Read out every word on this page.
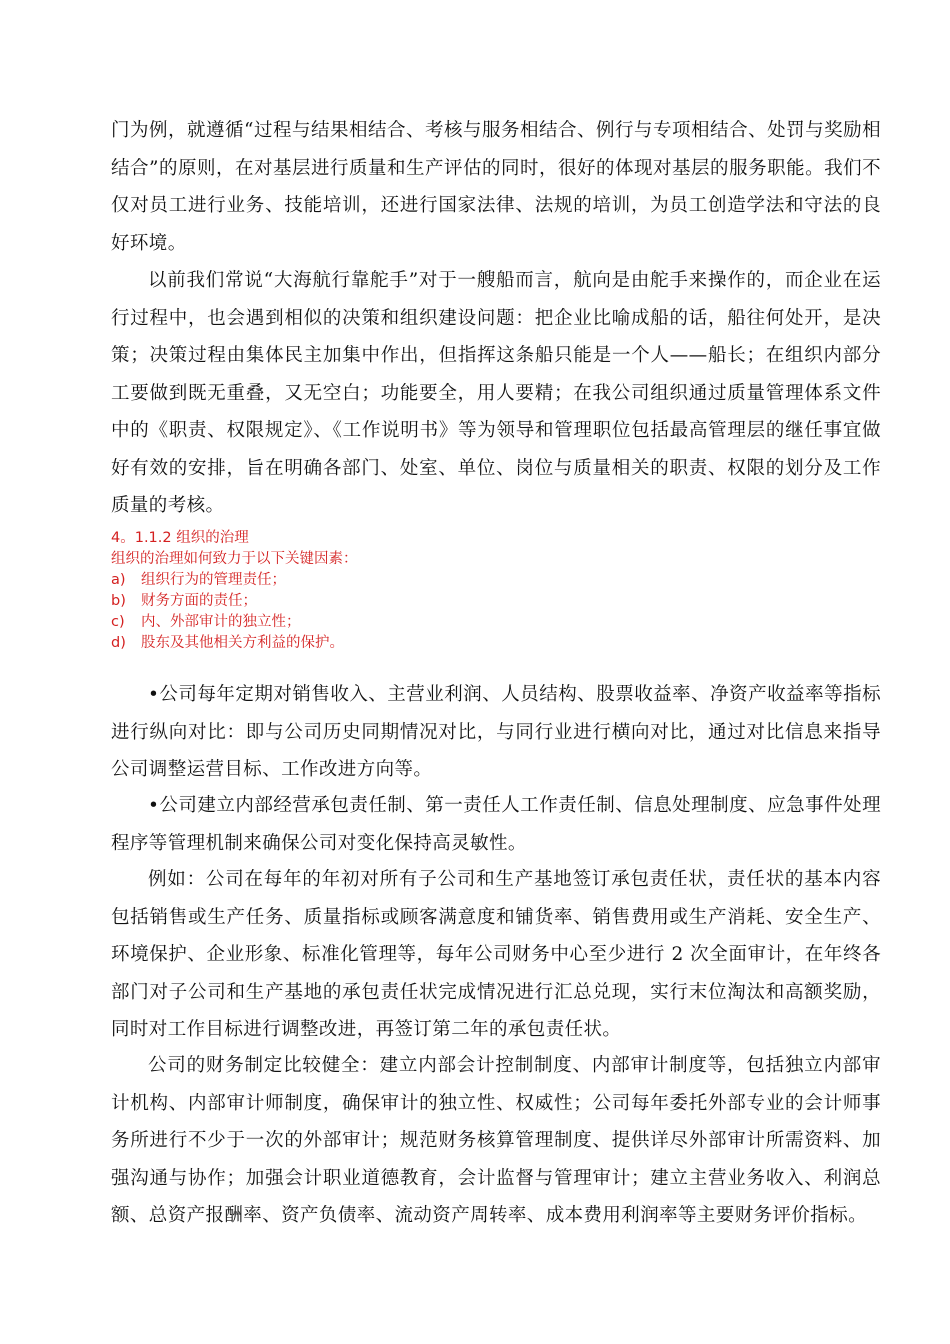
门为例，就遵循“过程与结果相结合、考核与服务相结合、例行与专项相结合、处罚与奖励相结合”的原则，在对基层进行质量和生产评估的同时，很好的体现对基层的服务职能。我们不仅对员工进行业务、技能培训，还进行国家法律、法规的培训，为员工创造学法和守法的良好环境。

以前我们常说“大海航行靠舵手”对于一艘船而言，航向是由舵手来操作的，而企业在运行过程中，也会遇到相似的决策和组织建设问题：把企业比喻成船的话，船往何处开，是决策；决策过程由集体民主加集中作出，但指挥这条船只能是一个人——船长；在组织内部分工要做到既无重叠，又无空白；功能要全，用人要精；在我公司组织通过质量管理体系文件中的《职责、权限规定》、《工作说明书》等为领导和管理职位包括最高管理层的继任事宜做好有效的安排，旨在明确各部门、处室、单位、岗位与质量相关的职责、权限的划分及工作质量的考核。

4。1.1.2 组织的治理
组织的治理如何致力于以下关键因素：
a) 组织行为的管理责任；
b) 财务方面的责任；
c) 内、外部审计的独立性；
d) 股东及其他相关方利益的保护。

•公司每年定期对销售收入、主营业利润、人员结构、股票收益率、净资产收益率等指标进行纵向对比：即与公司历史同期情况对比，与同行业进行横向对比，通过对比信息来指导公司调整运营目标、工作改进方向等。

•公司建立内部经营承包责任制、第一责任人工作责任制、信息处理制度、应急事件处理程序等管理机制来确保公司对变化保持高灵敏性。

例如：公司在每年的年初对所有子公司和生产基地签订承包责任状，责任状的基本内容包括销售或生产任务、质量指标或顾客满意度和铺货率、销售费用或生产消耗、安全生产、环境保护、企业形象、标准化管理等，每年公司财务中心至少进行 2 次全面审计，在年终各部门对子公司和生产基地的承包责任状完成情况进行汇总兑现，实行末位淘汰和高额奖励，同时对工作目标进行调整改进，再签订第二年的承包责任状。

公司的财务制定比较健全：建立内部会计控制制度、内部审计制度等，包括独立内部审计机构、内部审计师制度，确保审计的独立性、权威性；公司每年委托外部专业的会计师事务所进行不少于一次的外部审计；规范财务核算管理制度、提供详尽外部审计所需资料、加强沟通与协作；加强会计职业道德教育，会计监督与管理审计；建立主营业务收入、利润总额、总资产报酬率、资产负债率、流动资产周转率、成本费用利润率等主要财务评价指标。
